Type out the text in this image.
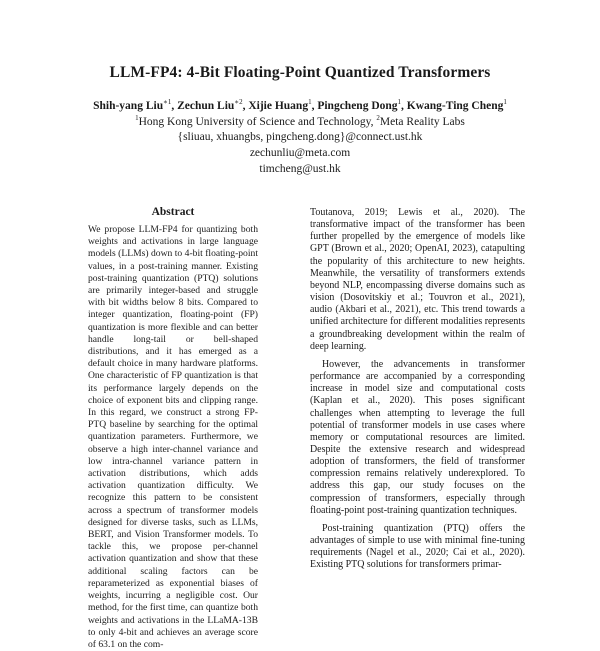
LLM-FP4: 4-Bit Floating-Point Quantized Transformers
Shih-yang Liu$^{∗1}$, Zechun Liu$^{∗2}$, Xijie Huang$^1$, Pingcheng Dong$^1$, Kwang-Ting Cheng$^1$
$^1$Hong Kong University of Science and Technology, $^2$Meta Reality Labs
{sliuau, xhuangbs, pingcheng.dong}@connect.ust.hk
zechunliu@meta.com
timcheng@ust.hk
Abstract
We propose LLM-FP4 for quantizing both weights and activations in large language models (LLMs) down to 4-bit floating-point values, in a post-training manner. Existing post-training quantization (PTQ) solutions are primarily integer-based and struggle with bit widths below 8 bits. Compared to integer quantization, floating-point (FP) quantization is more flexible and can better handle long-tail or bell-shaped distributions, and it has emerged as a default choice in many hardware platforms. One characteristic of FP quantization is that its performance largely depends on the choice of exponent bits and clipping range. In this regard, we construct a strong FP-PTQ baseline by searching for the optimal quantization parameters. Furthermore, we observe a high inter-channel variance and low intra-channel variance pattern in activation distributions, which adds activation quantization difficulty. We recognize this pattern to be consistent across a spectrum of transformer models designed for diverse tasks, such as LLMs, BERT, and Vision Transformer models. To tackle this, we propose per-channel activation quantization and show that these additional scaling factors can be reparameterized as exponential biases of weights, incurring a negligible cost. Our method, for the first time, can quantize both weights and activations in the LLaMA-13B to only 4-bit and achieves an average score of 63.1 on the com-

Toutanova, 2019; Lewis et al., 2020). The transformative impact of the transformer has been further propelled by the emergence of models like GPT (Brown et al., 2020; OpenAI, 2023), catapulting the popularity of this architecture to new heights. Meanwhile, the versatility of transformers extends beyond NLP, encompassing diverse domains such as vision (Dosovitskiy et al.; Touvron et al., 2021), audio (Akbari et al., 2021), etc. This trend towards a unified architecture for different modalities represents a groundbreaking development within the realm of deep learning.

However, the advancements in transformer performance are accompanied by a corresponding increase in model size and computational costs (Kaplan et al., 2020). This poses significant challenges when attempting to leverage the full potential of transformer models in use cases where memory or computational resources are limited. Despite the extensive research and widespread adoption of transformers, the field of transformer compression remains relatively underexplored. To address this gap, our study focuses on the compression of transformers, especially through floating-point post-training quantization techniques.

Post-training quantization (PTQ) offers the advantages of simple to use with minimal fine-tuning requirements (Nagel et al., 2020; Cai et al., 2020). Existing PTQ solutions for transformers primar-
